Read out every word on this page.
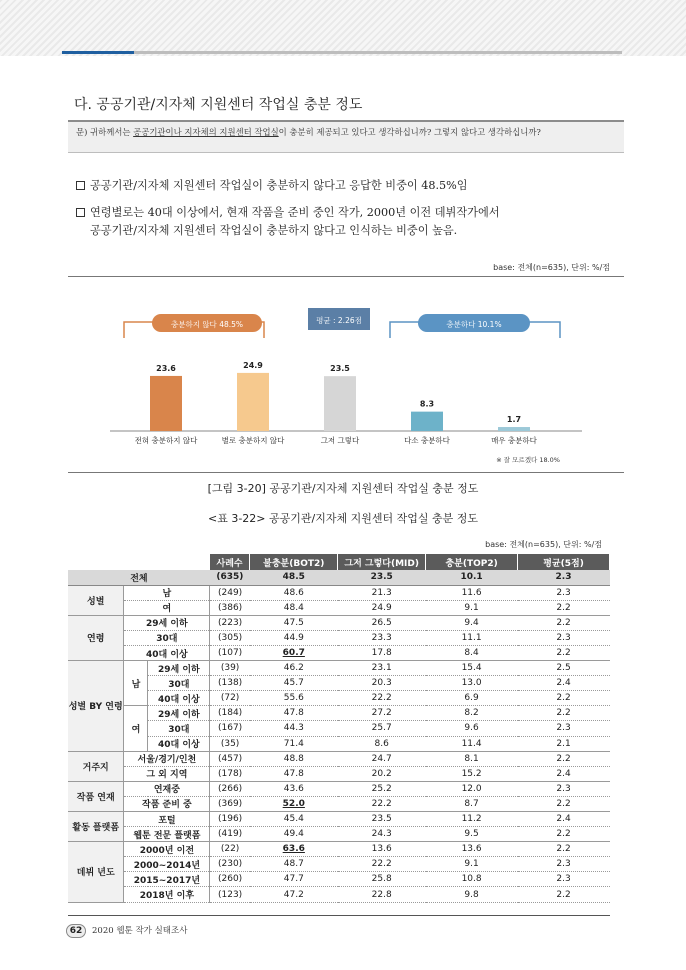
다. 공공기관/지자체 지원센터 작업실 충분 정도
문) 귀하께서는 공공기관이나 지자체의 지원센터 작업실이 충분히 제공되고 있다고 생각하십니까? 그렇지 않다고 생각하십니까?
공공기관/지자체 지원센터 작업실이 충분하지 않다고 응답한 비중이 48.5%임
연령별로는 40대 이상에서, 현재 작품을 준비 중인 작가, 2000년 이전 데뷔작가에서
공공기관/지자체 지원센터 작업실이 충분하지 않다고 인식하는 비중이 높음.
base: 전체(n=635), 단위: %/점
충분하지 않다 48.5%	평균 : 2.26점	충분하다 10.1%
23.6
전혀 충분하지 않다
24.9
별로 충분하지 않다
23.5
그저 그렇다
8.3
다소 충분하다
1.7
매우 충분하다
※ 잘 모르겠다 18.0%
[그림 3-20] 공공기관/지자체 지원센터 작업실 충분 정도
<표 3-22> 공공기관/지자체 지원센터 작업실 충분 정도
base: 전체(n=635), 단위: %/점
			사례수	불충분(BOT2)	그저 그렇다(MID)	충분(TOP2)	평균(5점)
전체			(635)	48.5	23.5	10.1	2.3
성별	남		(249)	48.6	21.3	11.6	2.3
	여		(386)	48.4	24.9	9.1	2.2
연령	29세 이하		(223)	47.5	26.5	9.4	2.2
	30대		(305)	44.9	23.3	11.1	2.3
	40대 이상		(107)	60.7	17.8	8.4	2.2
성별 BY 연령	남	29세 이하	(39)	46.2	23.1	15.4	2.5
		30대	(138)	45.7	20.3	13.0	2.4
		40대 이상	(72)	55.6	22.2	6.9	2.2
	여	29세 이하	(184)	47.8	27.2	8.2	2.2
		30대	(167)	44.3	25.7	9.6	2.3
		40대 이상	(35)	71.4	8.6	11.4	2.1
거주지	서울/경기/인천		(457)	48.8	24.7	8.1	2.2
	그 외 지역		(178)	47.8	20.2	15.2	2.4
작품 연재	연재중		(266)	43.6	25.2	12.0	2.3
	작품 준비 중		(369)	52.0	22.2	8.7	2.2
활동 플랫폼	포털		(196)	45.4	23.5	11.2	2.4
	웹툰 전문 플랫폼		(419)	49.4	24.3	9.5	2.2
데뷔 년도	2000년 이전		(22)	63.6	13.6	13.6	2.2
	2000~2014년		(230)	48.7	22.2	9.1	2.3
	2015~2017년		(260)	47.7	25.8	10.8	2.3
	2018년 이후		(123)	47.2	22.8	9.8	2.2
62	2020 웹툰 작가 실태조사
